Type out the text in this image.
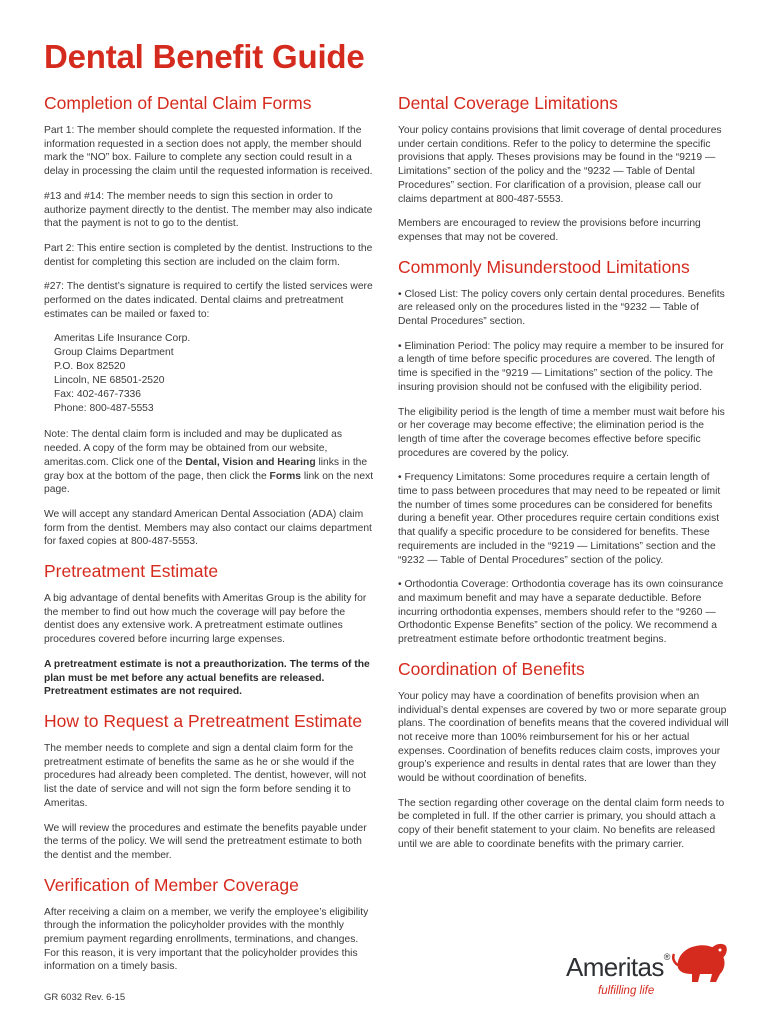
Dental Benefit Guide
Completion of Dental Claim Forms

Part 1: The member should complete the requested information. If the information requested in a section does not apply, the member should mark the “NO” box. Failure to complete any section could result in a delay in processing the claim until the requested information is received.

#13 and #14: The member needs to sign this section in order to authorize payment directly to the dentist. The member may also indicate that the payment is not to go to the dentist.

Part 2: This entire section is completed by the dentist. Instructions to the dentist for completing this section are included on the claim form.

#27: The dentist’s signature is required to certify the listed services were performed on the dates indicated. Dental claims and pretreatment estimates can be mailed or faxed to:

Ameritas Life Insurance Corp.
Group Claims Department
P.O. Box 82520
Lincoln, NE 68501-2520
Fax: 402-467-7336
Phone: 800-487-5553

Note: The dental claim form is included and may be duplicated as needed. A copy of the form may be obtained from our website, ameritas.com. Click one of the Dental, Vision and Hearing links in the gray box at the bottom of the page, then click the Forms link on the next page.

We will accept any standard American Dental Association (ADA) claim form from the dentist. Members may also contact our claims department for faxed copies at 800-487-5553.

Pretreatment Estimate

A big advantage of dental benefits with Ameritas Group is the ability for the member to find out how much the coverage will pay before the dentist does any extensive work. A pretreatment estimate outlines procedures covered before incurring large expenses.

A pretreatment estimate is not a preauthorization. The terms of the plan must be met before any actual benefits are released. Pretreatment estimates are not required.

How to Request a Pretreatment Estimate

The member needs to complete and sign a dental claim form for the pretreatment estimate of benefits the same as he or she would if the procedures had already been completed. The dentist, however, will not list the date of service and will not sign the form before sending it to Ameritas.

We will review the procedures and estimate the benefits payable under the terms of the policy. We will send the pretreatment estimate to both the dentist and the member.

Verification of Member Coverage

After receiving a claim on a member, we verify the employee’s eligibility through the information the policyholder provides with the monthly premium payment regarding enrollments, terminations, and changes. For this reason, it is very important that the policyholder provides this information on a timely basis.

Dental Coverage Limitations

Your policy contains provisions that limit coverage of dental procedures under certain conditions. Refer to the policy to determine the specific provisions that apply. Theses provisions may be found in the “9219 — Limitations” section of the policy and the “9232 — Table of Dental Procedures” section. For clarification of a provision, please call our claims department at 800-487-5553.

Members are encouraged to review the provisions before incurring expenses that may not be covered.

Commonly Misunderstood Limitations

• Closed List: The policy covers only certain dental procedures. Benefits are released only on the procedures listed in the “9232 — Table of Dental Procedures” section.

• Elimination Period: The policy may require a member to be insured for a length of time before specific procedures are covered. The length of time is specified in the “9219 — Limitations” section of the policy. The insuring provision should not be confused with the eligibility period.

The eligibility period is the length of time a member must wait before his or her coverage may become effective; the elimination period is the length of time after the coverage becomes effective before specific procedures are covered by the policy.

• Frequency Limitatons: Some procedures require a certain length of time to pass between procedures that may need to be repeated or limit the number of times some procedures can be considered for benefits during a benefit year. Other procedures require certain conditions exist that qualify a specific procedure to be considered for benefits. These requirements are included in the “9219 — Limitations” section and the “9232 — Table of Dental Procedures” section of the policy.

• Orthodontia Coverage: Orthodontia coverage has its own coinsurance and maximum benefit and may have a separate deductible. Before incurring orthodontia expenses, members should refer to the “9260 — Orthodontic Expense Benefits” section of the policy. We recommend a pretreatment estimate before orthodontic treatment begins.

Coordination of Benefits

Your policy may have a coordination of benefits provision when an individual’s dental expenses are covered by two or more separate group plans. The coordination of benefits means that the covered individual will not receive more than 100% reimbursement for his or her actual expenses. Coordination of benefits reduces claim costs, improves your group’s experience and results in dental rates that are lower than they would be without coordination of benefits.

The section regarding other coverage on the dental claim form needs to be completed in full. If the other carrier is primary, you should attach a copy of their benefit statement to your claim. No benefits are released until we are able to coordinate benefits with the primary carrier.

GR 6032 Rev. 6-15
Ameritas®
fulfilling life
